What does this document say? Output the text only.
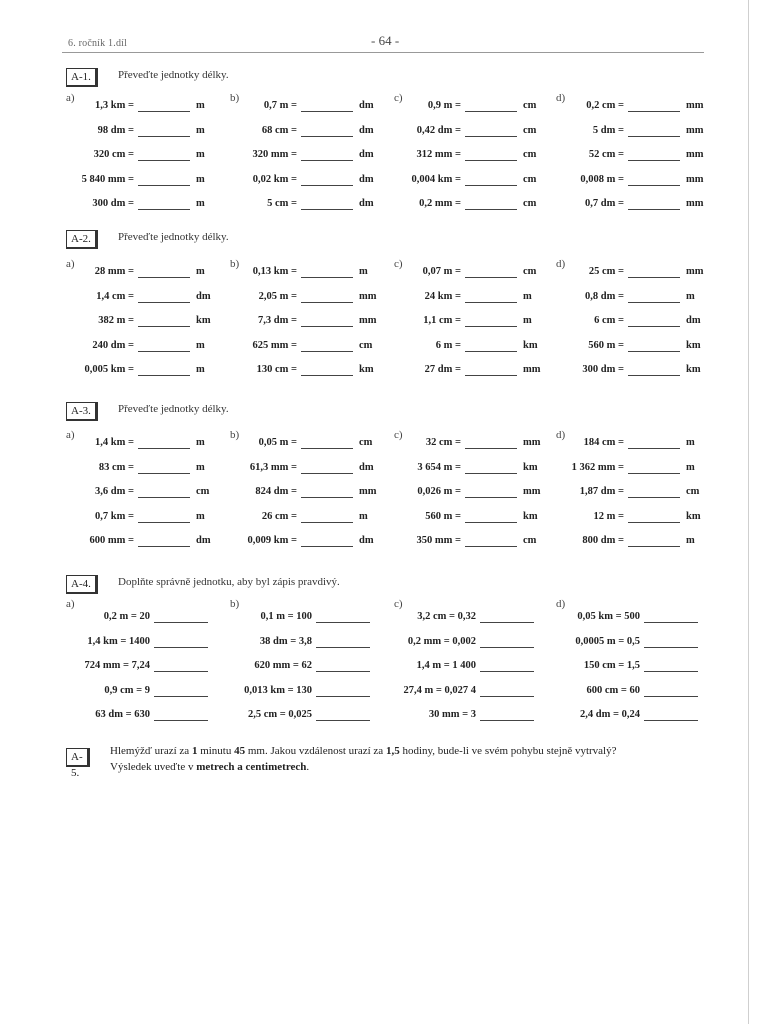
6. ročník 1.díl	- 64 -
A-1.	Převeďte jednotky délky.
a)
1,3 km =	m
98 dm =	m
320 cm =	m
5 840 mm =	m
300 dm =	m
b)
0,7 m =	dm
68 cm =	dm
320 mm =	dm
0,02 km =	dm
5 cm =	dm
c)
0,9 m =	cm
0,42 dm =	cm
312 mm =	cm
0,004 km =	cm
0,2 mm =	cm
d)
0,2 cm =	mm
5 dm =	mm
52 cm =	mm
0,008 m =	mm
0,7 dm =	mm
A-2.	Převeďte jednotky délky.
a)
28 mm =	m
1,4 cm =	dm
382 m =	km
240 dm =	m
0,005 km =	m
b)
0,13 km =	m
2,05 m =	mm
7,3 dm =	mm
625 mm =	cm
130 cm =	km
c)
0,07 m =	cm
24 km =	m
1,1 cm =	m
6 m =	km
27 dm =	mm
d)
25 cm =	mm
0,8 dm =	m
6 cm =	dm
560 m =	km
300 dm =	km
A-3.	Převeďte jednotky délky.
a)
1,4 km =	m
83 cm =	m
3,6 dm =	cm
0,7 km =	m
600 mm =	dm
b)
0,05 m =	cm
61,3 mm =	dm
824 dm =	mm
26 cm =	m
0,009 km =	dm
c)
32 cm =	mm
3 654 m =	km
0,026 m =	mm
560 m =	km
350 mm =	cm
d)
184 cm =	m
1 362 mm =	m
1,87 dm =	cm
12 m =	km
800 dm =	m
A-4.	Doplňte správně jednotku, aby byl zápis pravdivý.
a)
0,2 m = 20
1,4 km = 1400
724 mm = 7,24
0,9 cm = 9
63 dm = 630
b)
0,1 m = 100
38 dm = 3,8
620 mm = 62
0,013 km = 130
2,5 cm = 0,025
c)
3,2 cm = 0,32
0,2 mm = 0,002
1,4 m = 1 400
27,4 m = 0,027 4
30 mm = 3
d)
0,05 km = 500
0,0005 m = 0,5
150 cm = 1,5
600 cm = 60
2,4 dm = 0,24
A-5.
Hlemýžď urazí za 1 minutu 45 mm. Jakou vzdálenost urazí za 1,5 hodiny, bude-li ve svém pohybu stejně vytrvalý?
Výsledek uveďte v metrech a centimetrech.
